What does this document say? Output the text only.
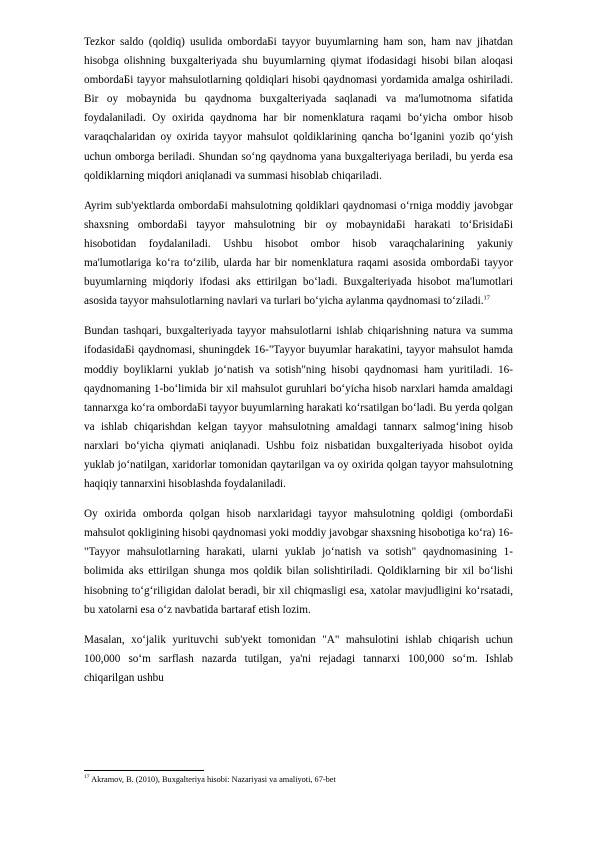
Tezkor saldo (qoldiq) usulida ombordaБi tayyor buyumlarning ham son, ham nav jihatdan hisobga olishning buxgalteriyada shu buyumlarning qiymat ifodasidagi hisobi bilan aloqasi ombordaБi tayyor mahsulotlarning qoldiqlari hisobi qaydnomasi yordamida amalga oshiriladi. Bir oy mobaynida bu qaydnoma buxgalteriyada saqlanadi va ma'lumotnoma sifatida foydalaniladi. Oy oxirida qaydnoma har bir nomenklatura raqami bo‘yicha ombor hisob varaqchalaridan oy oxirida tayyor mahsulot qoldiklarining qancha bo‘lganini yozib qo‘yish uchun omborga beriladi. Shundan so‘ng qaydnoma yana buxgalteriyaga beriladi, bu yerda esa qoldiklarning miqdori aniqlanadi va summasi hisoblab chiqariladi.

Ayrim sub'yektlarda ombordaБi mahsulotning qoldiklari qaydnomasi o‘rniga moddiy javobgar shaxsning ombordaБi tayyor mahsulotning bir oy mobaynidaБi harakati to‘БrisidaБi hisobotidan foydalaniladi. Ushbu hisobot ombor hisob varaqchalarining yakuniy ma'lumotlariga ko‘ra to‘zilib, ularda har bir nomenklatura raqami asosida ombordaБi tayyor buyumlarning miqdoriy ifodasi aks ettirilgan bo‘ladi. Buxgalteriyada hisobot ma'lumotlari asosida tayyor mahsulotlarning navlari va turlari bo‘yicha aylanma qaydnomasi to‘ziladi.$^{17}$

Bundan tashqari, buxgalteriyada tayyor mahsulotlarni ishlab chiqarishning natura va summa ifodasidaБi qaydnomasi, shuningdek 16-"Tayyor buyumlar harakatini, tayyor mahsulot hamda moddiy boyliklarni yuklab jo‘natish va sotish"ning hisobi qaydnomasi ham yuritiladi. 16-qaydnomaning 1-bo‘limida bir xil mahsulot guruhlari bo‘yicha hisob narxlari hamda amaldagi tannarxga ko‘ra ombordaБi tayyor buyumlarning harakati ko‘rsatilgan bo‘ladi. Bu yerda qolgan va ishlab chiqarishdan kelgan tayyor mahsulotning amaldagi tannarx salmog‘ining hisob narxlari bo‘yicha qiymati aniqlanadi. Ushbu foiz nisbatidan buxgalteriyada hisobot oyida yuklab jo‘natilgan, xaridorlar tomonidan qaytarilgan va oy oxirida qolgan tayyor mahsulotning haqiqiy tannarxini hisoblashda foydalaniladi.

Oy oxirida omborda qolgan hisob narxlaridagi tayyor mahsulotning qoldigi (ombordaБi mahsulot qokligining hisobi qaydnomasi yoki moddiy javobgar shaxsning hisobotiga ko‘ra) 16-"Tayyor mahsulotlarning harakati, ularni yuklab jo‘natish va sotish" qaydnomasining 1-bolimida aks ettirilgan shunga mos qoldik bilan solishtiriladi. Qoldiklarning bir xil bo‘lishi hisobning to‘g‘riligidan dalolat beradi, bir xil chiqmasligi esa, xatolar mavjudligini ko‘rsatadi, bu xatolarni esa o‘z navbatida bartaraf etish lozim.

Masalan, xo‘jalik yurituvchi sub'yekt tomonidan "A" mahsulotini ishlab chiqarish uchun 100,000 so‘m sarflash nazarda tutilgan, ya'ni rejadagi tannarxi 100,000 so‘m. Ishlab chiqarilgan ushbu

$^{17}$ Akramov, B. (2010), Buxgalteriya hisobi: Nazariyasi va amaliyoti, 67-bet
